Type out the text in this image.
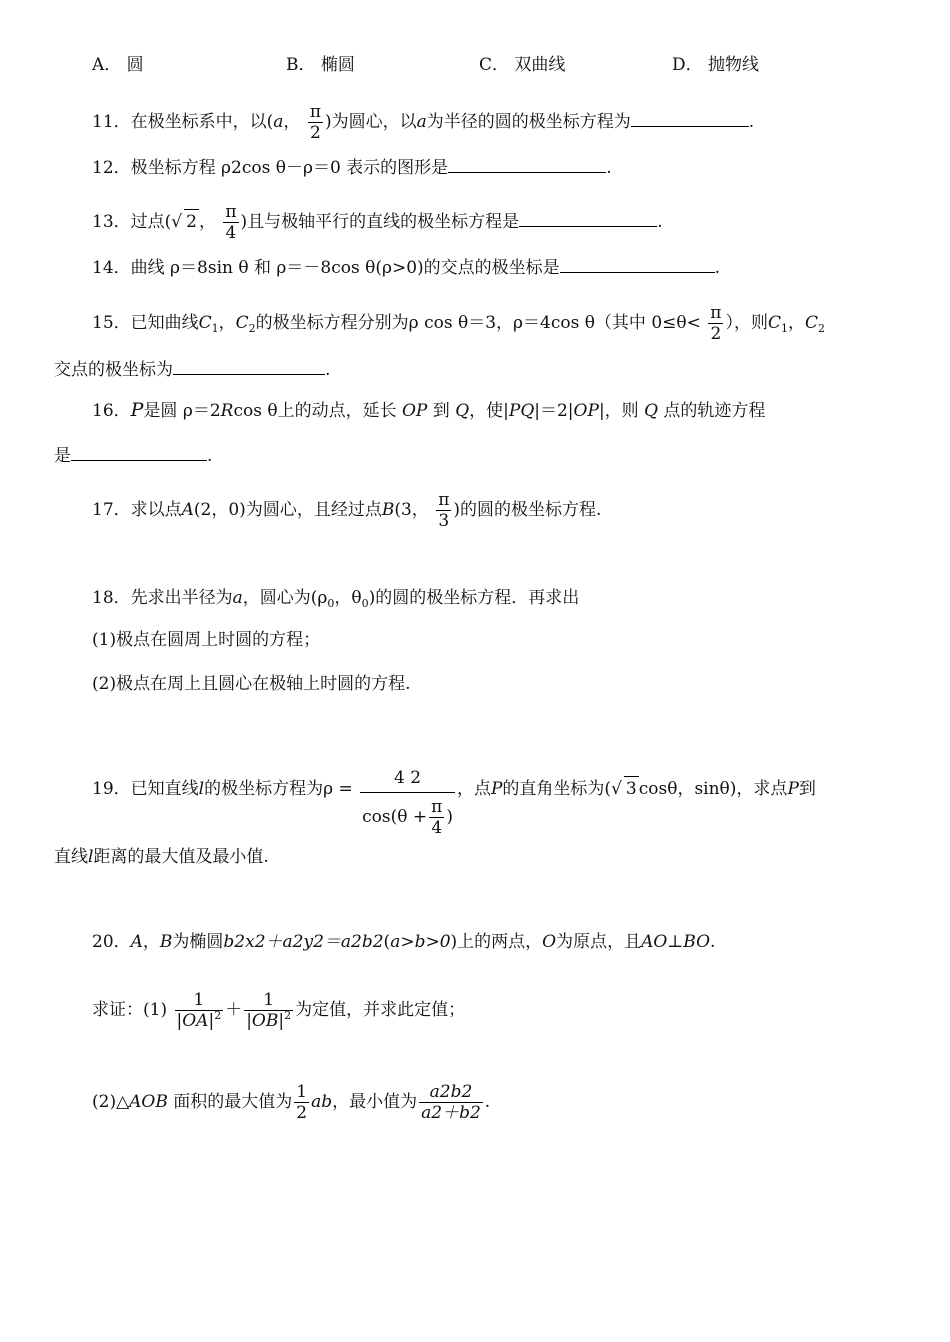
A． 圆	B． 椭圆	C． 双曲线	D． 抛物线
11．在极坐标系中，以(a， $\frac{\pi}{2}$ )为圆心，以a为半径的圆的极坐标方程为	.
12．极坐标方程 ρ2cos θ－ρ＝0 表示的图形是	.
13．过点(√ 2 ， $\frac{\pi}{4}$ )且与极轴平行的直线的极坐标方程是	.
14．曲线 ρ＝8sin θ 和 ρ＝－8cos θ(ρ>0)的交点的极坐标是	.
15．已知曲线$C_1$，$C_2$的极坐标方程分别为ρ cos θ＝3，ρ＝4cos θ（其中 $0\le\theta< \frac{\pi}{2}$ ），则$C_1$，$C_2$
交点的极坐标为	.
16．P是圆 ρ＝2Rcos θ上的动点，延长 OP 到 Q，使|PQ|＝2|OP|，则 Q 点的轨迹方程
是	.
17．求以点A(2，0)为圆心，且经过点B(3， $\frac{\pi}{3}$ )的圆的极坐标方程.
18．先求出半径为a，圆心为($\rho_0$，$\theta_0$)的圆的极坐标方程．再求出
(1)极点在圆周上时圆的方程；
(2)极点在周上且圆心在极轴上时圆的方程.
19．已知直线l的极坐标方程为$\rho = \frac{4 2}{\cos(\theta + \frac{\pi}{4} )}$ ，点P的直角坐标为(√ 3 cosθ，sinθ)，求点P到
直线l距离的最大值及最小值.
20．A，B为椭圆b2x2＋a2y2＝a2b2(a>b>0)上的两点，O为原点，且AO⊥BO.
求证：$(1) \frac{1}{|OA|^2} + \frac{1}{|OB|^2}$ 为定值，并求此定值；
(2)△AOB 面积的最大值为 $\frac{1}{2}$ ab，最小值为 $\frac{a2b2}{a2+b2}$ .
